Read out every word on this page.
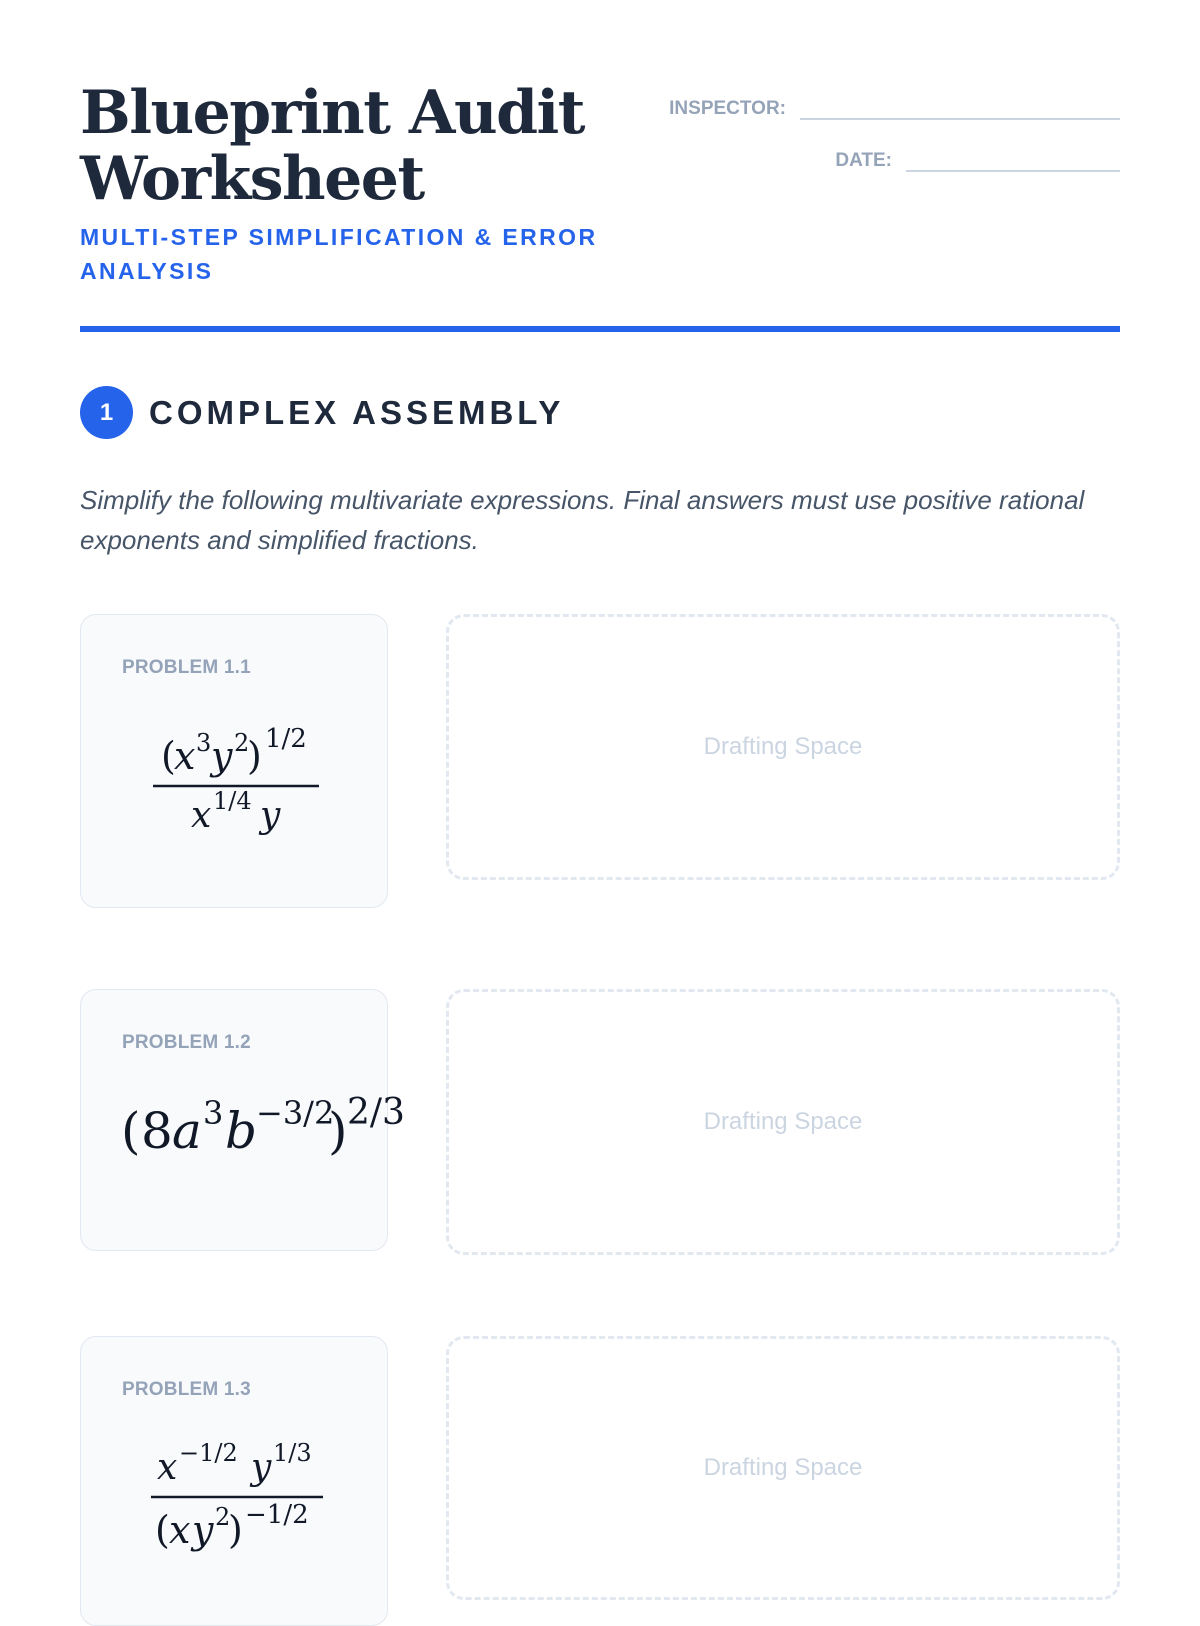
Blueprint Audit
Worksheet
MULTI-STEP SIMPLIFICATION & ERROR ANALYSIS
INSPECTOR:
DATE:
1	COMPLEX ASSEMBLY
Simplify the following multivariate expressions. Final answers must use positive rational exponents and simplified fractions.
PROBLEM 1.1
(
x 3 y 2
) 1/2
x 1/4 y
Drafting Space
PROBLEM 1.2
( 8 a 3 b
−3/2
) 2/3	Drafting Space
PROBLEM 1.3
x −1/2 y 1/3
( x y 2
) −1/2
Drafting Space
